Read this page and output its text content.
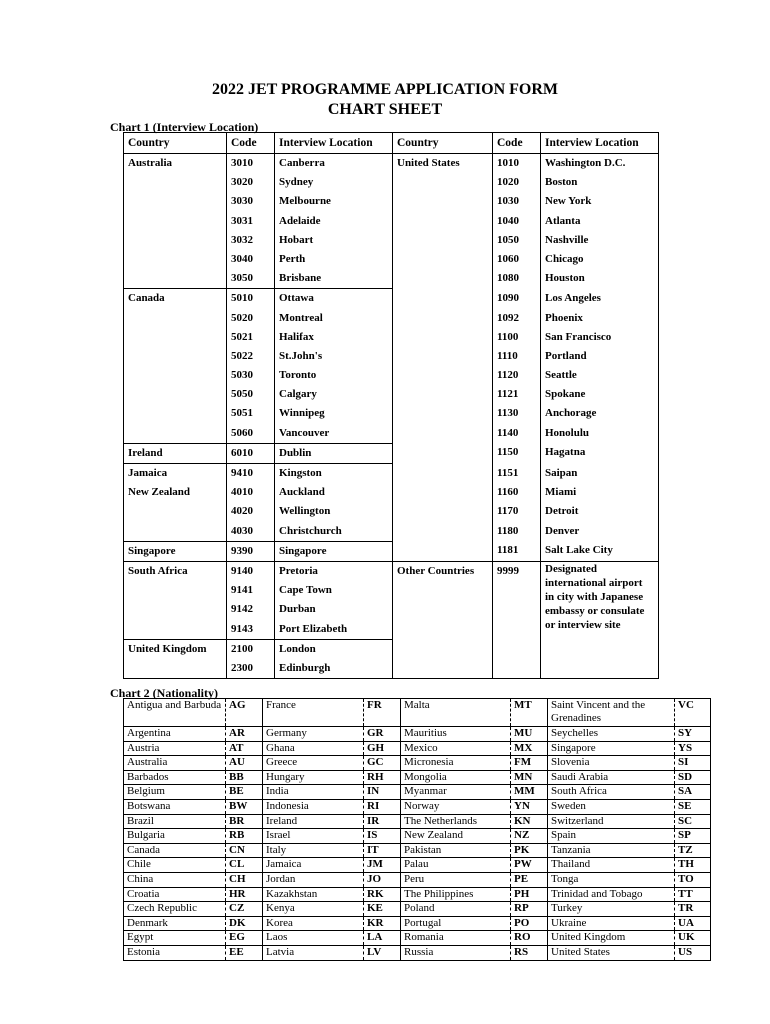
2022 JET PROGRAMME APPLICATION FORM
CHART SHEET
Chart 1 (Interview Location)
Country	Code	Interview Location	Country	Code	Interview Location
Australia	3010	Canberra	United States	1010	Washington D.C.
	3020	Sydney		1020	Boston
	3030	Melbourne		1030	New York
	3031	Adelaide		1040	Atlanta
	3032	Hobart		1050	Nashville
	3040	Perth		1060	Chicago
	3050	Brisbane		1080	Houston
Canada	5010	Ottawa		1090	Los Angeles
	5020	Montreal		1092	Phoenix
	5021	Halifax		1100	San Francisco
	5022	St.John's		1110	Portland
	5030	Toronto		1120	Seattle
	5050	Calgary		1121	Spokane
	5051	Winnipeg		1130	Anchorage
	5060	Vancouver		1140	Honolulu
Ireland	6010	Dublin		1150	Hagatna
Jamaica	9410	Kingston		1151	Saipan
New Zealand	4010	Auckland		1160	Miami
	4020	Wellington		1170	Detroit
	4030	Christchurch		1180	Denver
Singapore	9390	Singapore		1181	Salt Lake City
South Africa	9140	Pretoria	Other Countries	9999	Designated international airport in city with Japanese embassy or consulate or interview site
	9141	Cape Town			
	9142	Durban			
	9143	Port Elizabeth			
United Kingdom	2100	London			
	2300	Edinburgh			
Chart 2 (Nationality)
Antigua and Barbuda	AG	France	FR	Malta	MT	Saint Vincent and the Grenadines	VC
Argentina	AR	Germany	GR	Mauritius	MU	Seychelles	SY
Austria	AT	Ghana	GH	Mexico	MX	Singapore	YS
Australia	AU	Greece	GC	Micronesia	FM	Slovenia	SI
Barbados	BB	Hungary	RH	Mongolia	MN	Saudi Arabia	SD
Belgium	BE	India	IN	Myanmar	MM	South Africa	SA
Botswana	BW	Indonesia	RI	Norway	YN	Sweden	SE
Brazil	BR	Ireland	IR	The Netherlands	KN	Switzerland	SC
Bulgaria	RB	Israel	IS	New Zealand	NZ	Spain	SP
Canada	CN	Italy	IT	Pakistan	PK	Tanzania	TZ
Chile	CL	Jamaica	JM	Palau	PW	Thailand	TH
China	CH	Jordan	JO	Peru	PE	Tonga	TO
Croatia	HR	Kazakhstan	RK	The Philippines	PH	Trinidad and Tobago	TT
Czech Republic	CZ	Kenya	KE	Poland	RP	Turkey	TR
Denmark	DK	Korea	KR	Portugal	PO	Ukraine	UA
Egypt	EG	Laos	LA	Romania	RO	United Kingdom	UK
Estonia	EE	Latvia	LV	Russia	RS	United States	US
